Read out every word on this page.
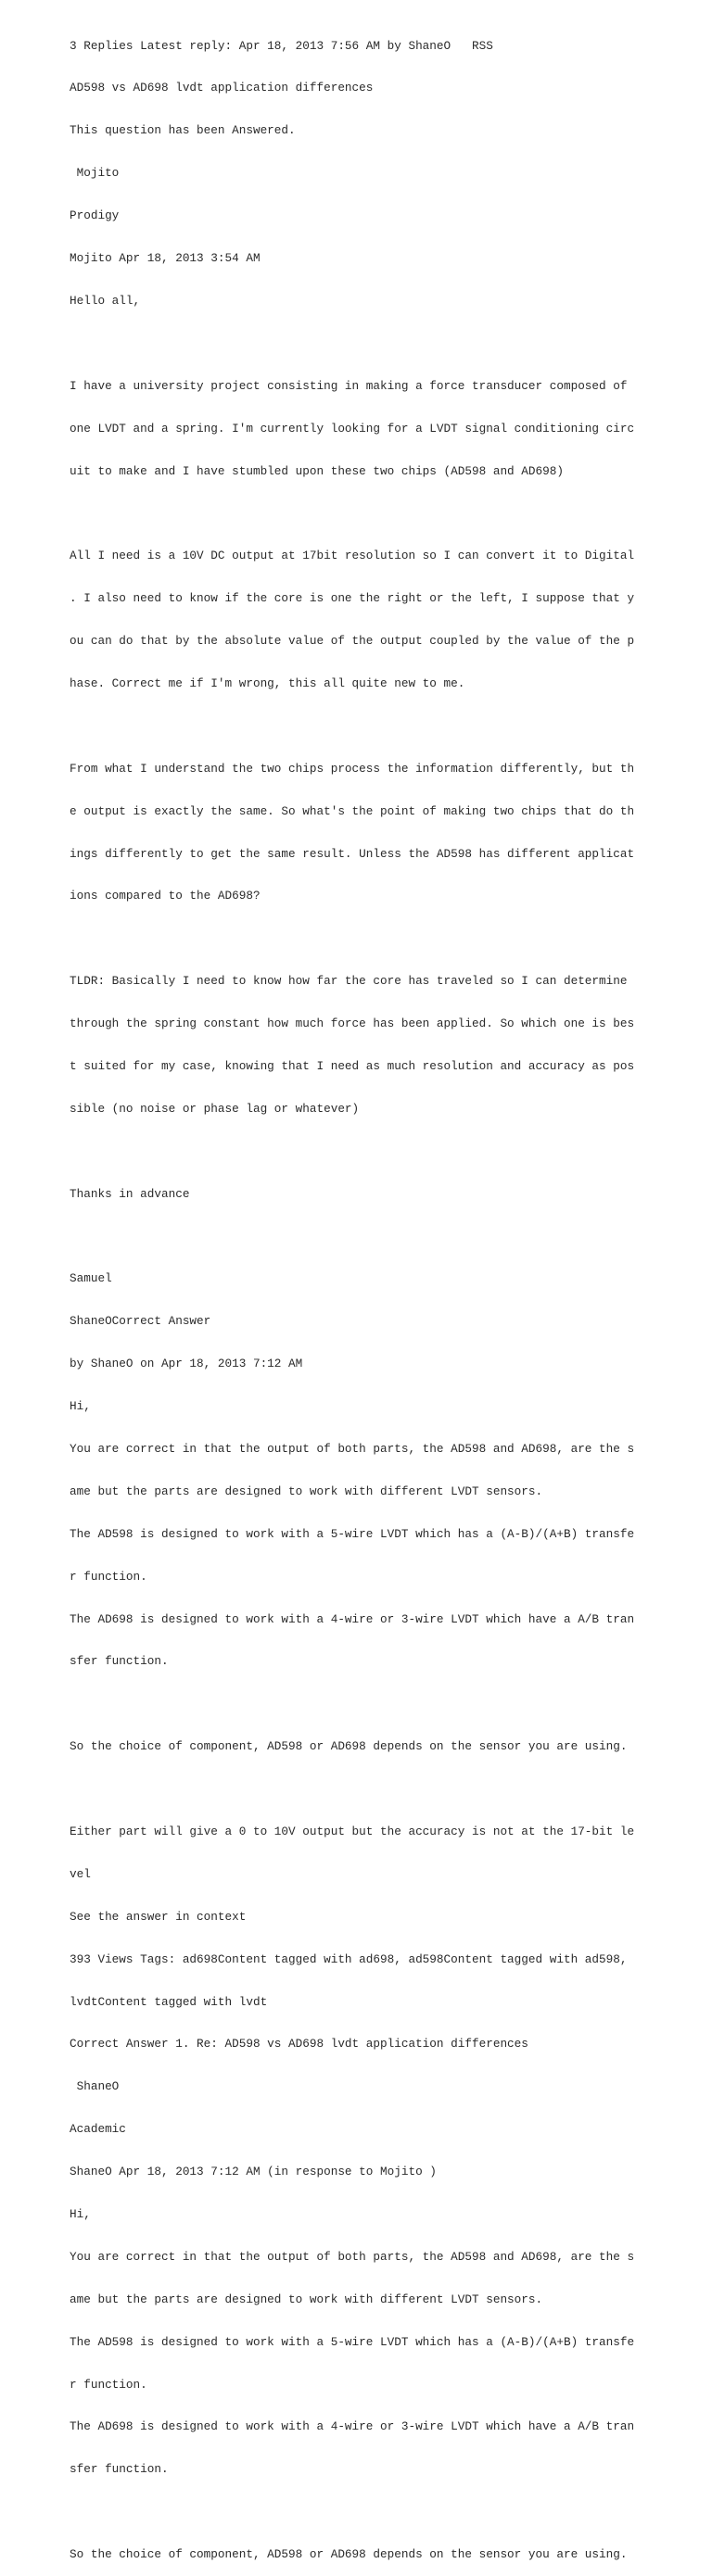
3 Replies Latest reply: Apr 18, 2013 7:56 AM by ShaneO   RSS

AD598 vs AD698 lvdt application differences

This question has been Answered.

Mojito

Prodigy

Mojito Apr 18, 2013 3:54 AM

Hello all,

I have a university project consisting in making a force transducer composed of

one LVDT and a spring. I'm currently looking for a LVDT signal conditioning circ

uit to make and I have stumbled upon these two chips (AD598 and AD698)

All I need is a 10V DC output at 17bit resolution so I can convert it to Digital

. I also need to know if the core is one the right or the left, I suppose that y

ou can do that by the absolute value of the output coupled by the value of the p

hase. Correct me if I'm wrong, this all quite new to me.

From what I understand the two chips process the information differently, but th

e output is exactly the same. So what's the point of making two chips that do th

ings differently to get the same result. Unless the AD598 has different applicat

ions compared to the AD698?

TLDR: Basically I need to know how far the core has traveled so I can determine

through the spring constant how much force has been applied. So which one is bes

t suited for my case, knowing that I need as much resolution and accuracy as pos

sible (no noise or phase lag or whatever)

Thanks in advance

Samuel

ShaneOCorrect Answer

by ShaneO on Apr 18, 2013 7:12 AM

Hi,

You are correct in that the output of both parts, the AD598 and AD698, are the s

ame but the parts are designed to work with different LVDT sensors.

The AD598 is designed to work with a 5-wire LVDT which has a (A-B)/(A+B) transfe

r function.

The AD698 is designed to work with a 4-wire or 3-wire LVDT which have a A/B tran

sfer function.

So the choice of component, AD598 or AD698 depends on the sensor you are using.

Either part will give a 0 to 10V output but the accuracy is not at the 17-bit le

vel

See the answer in context

393 Views Tags: ad698Content tagged with ad698, ad598Content tagged with ad598,

lvdtContent tagged with lvdt

Correct Answer 1. Re: AD598 vs AD698 lvdt application differences

ShaneO

Academic

ShaneO Apr 18, 2013 7:12 AM (in response to Mojito )

Hi,

You are correct in that the output of both parts, the AD598 and AD698, are the s

ame but the parts are designed to work with different LVDT sensors.

The AD598 is designed to work with a 5-wire LVDT which has a (A-B)/(A+B) transfe

r function.

The AD698 is designed to work with a 4-wire or 3-wire LVDT which have a A/B tran

sfer function.

So the choice of component, AD598 or AD698 depends on the sensor you are using.
